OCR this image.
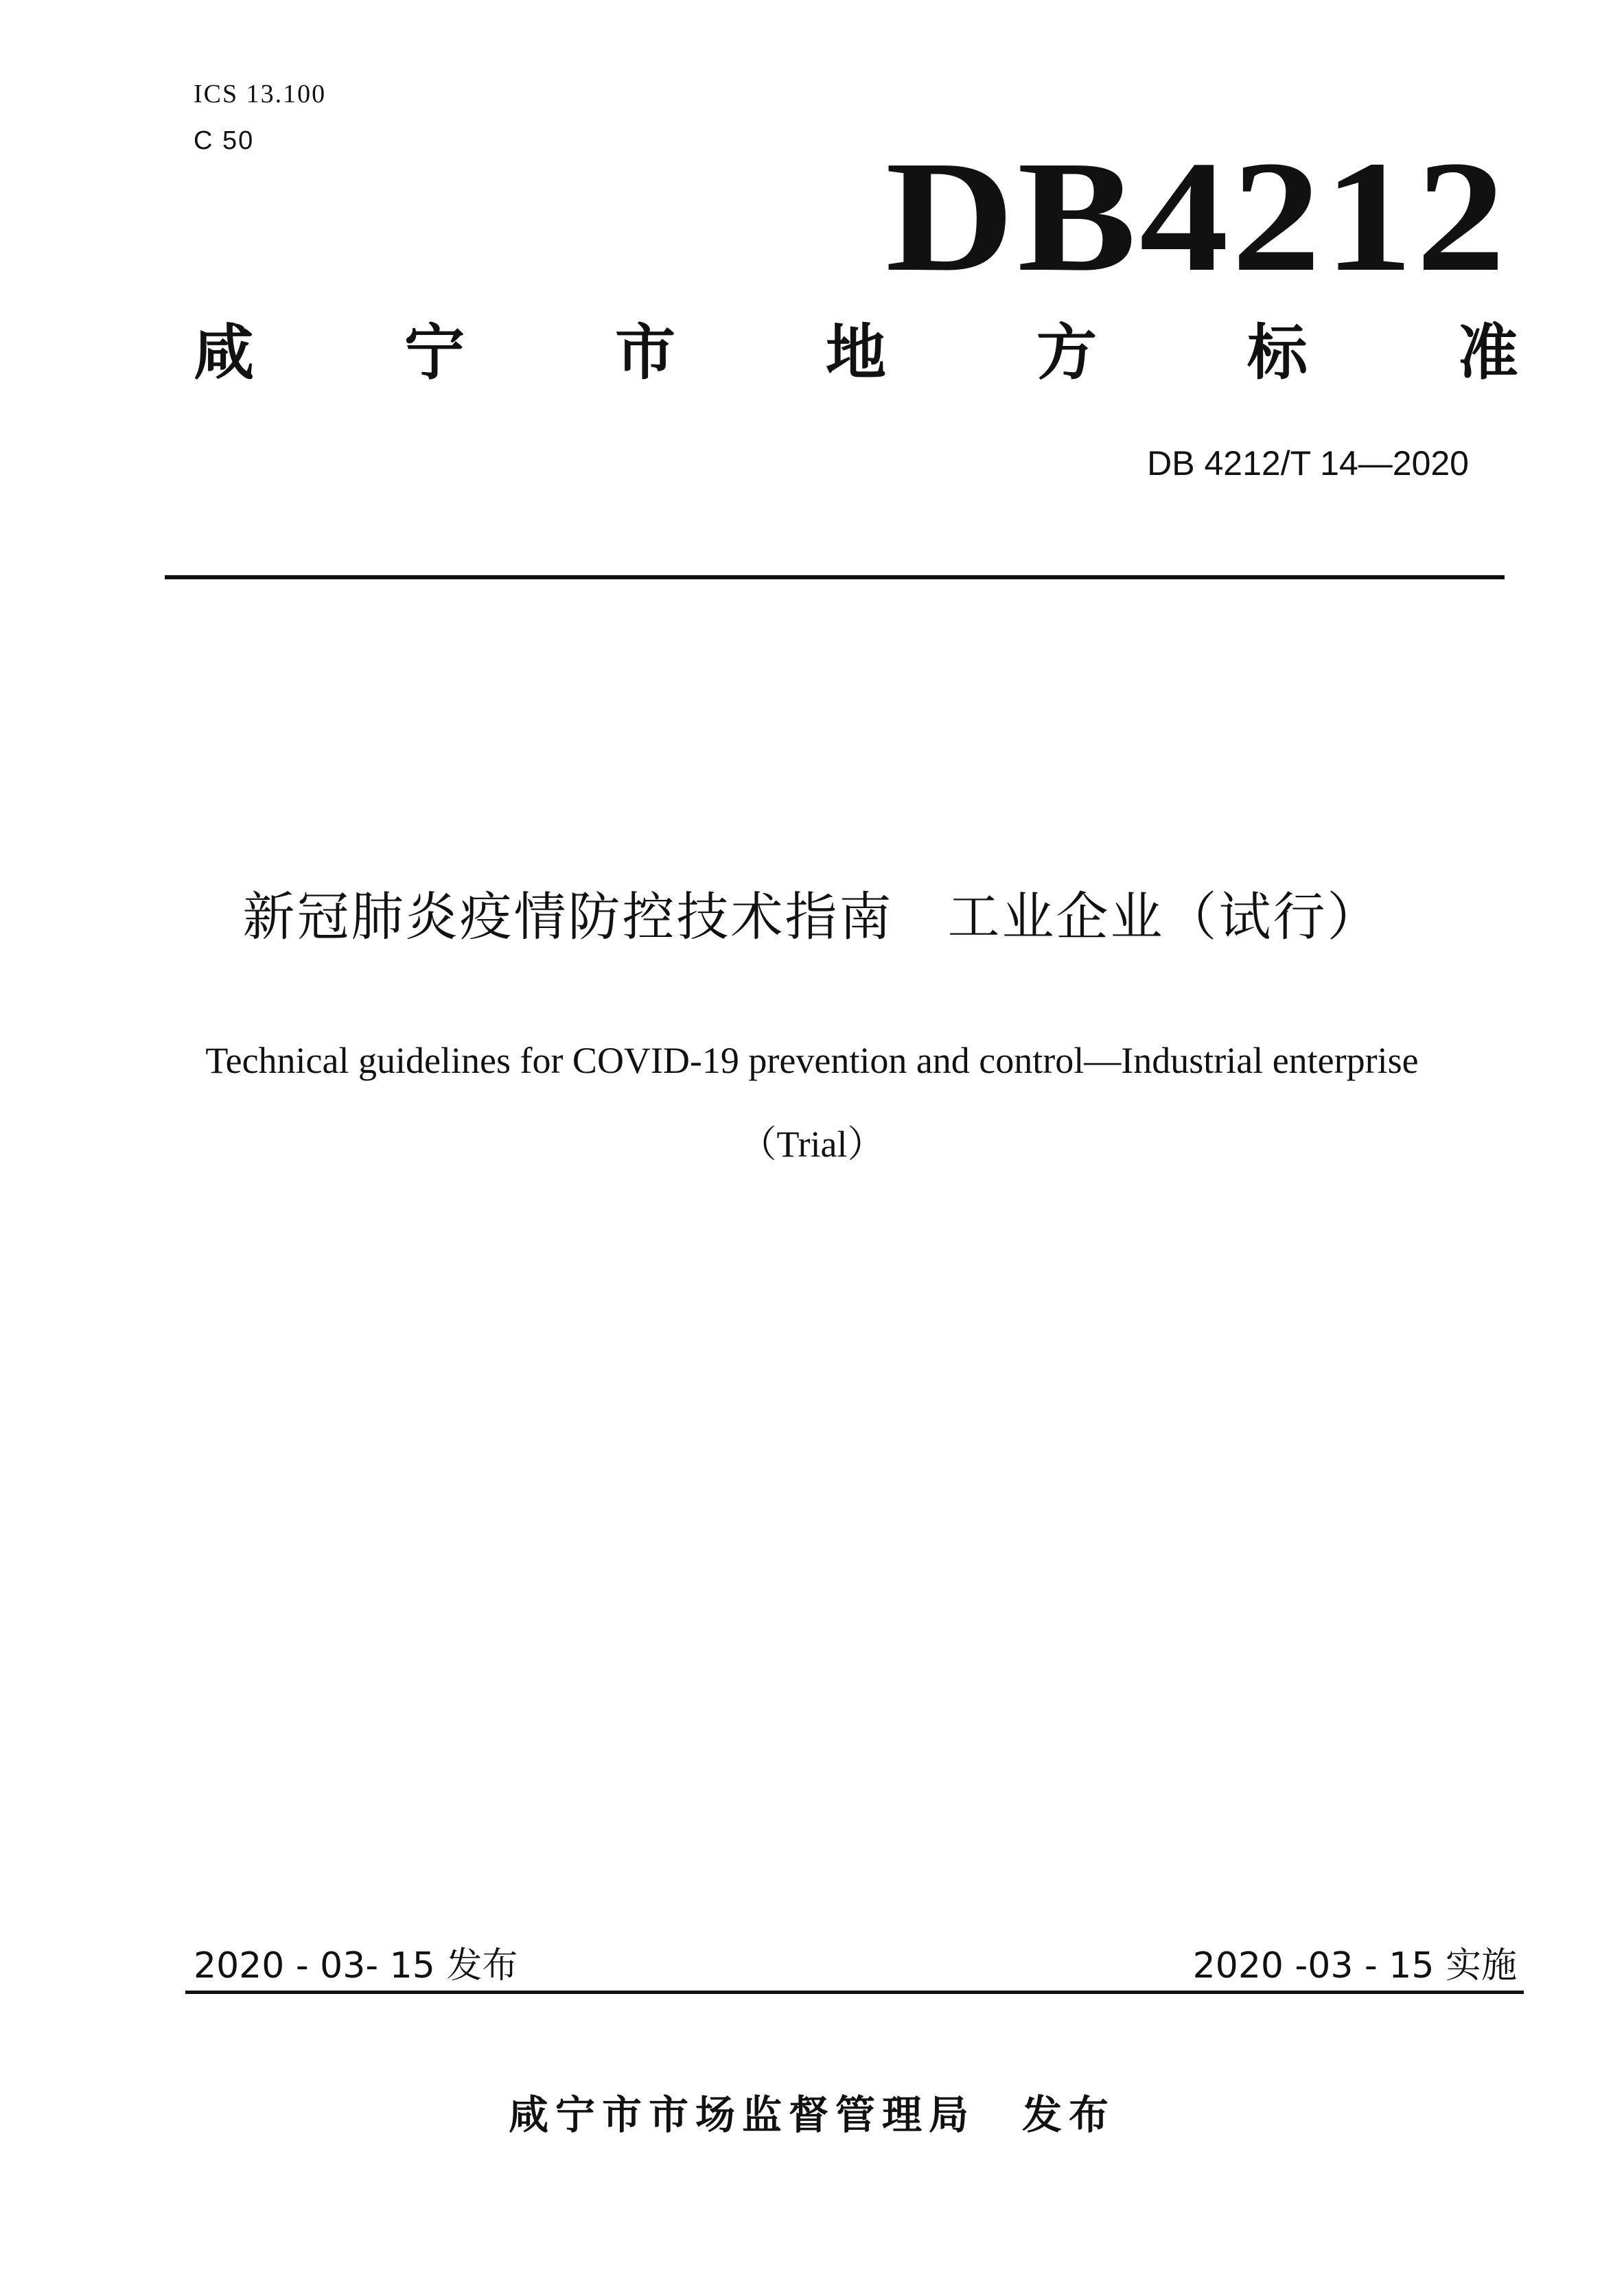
ICS 13.100
C 50	DB4212
咸 宁 市 地 方 标 准
DB 4212/T 14—2020
新冠肺炎疫情防控技术指南　工业企业（试行）
Technical guidelines for COVID-19 prevention and control—Industrial enterprise
（Trial）
2020 - 03- 15 发布	2020 -03 - 15 实施
咸宁市市场监督管理局　发布
